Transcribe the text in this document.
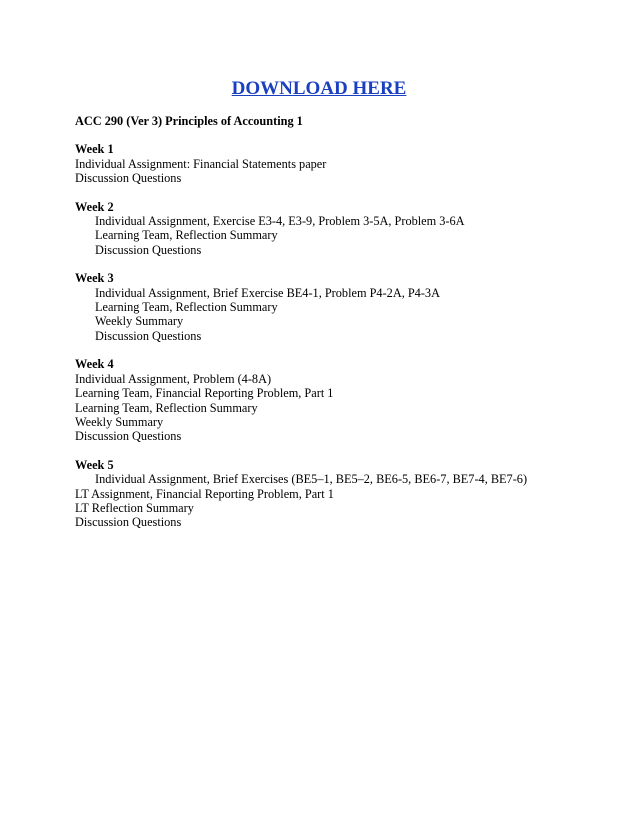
DOWNLOAD HERE
ACC 290 (Ver 3) Principles of Accounting 1
Week 1
Individual Assignment: Financial Statements paper
Discussion Questions
Week 2
Individual Assignment, Exercise E3-4, E3-9, Problem 3-5A, Problem 3-6A
Learning Team, Reflection Summary
Discussion Questions
Week 3
Individual Assignment, Brief Exercise BE4-1, Problem P4-2A, P4-3A
Learning Team, Reflection Summary
Weekly Summary
Discussion Questions
Week 4
Individual Assignment, Problem (4-8A)
Learning Team, Financial Reporting Problem, Part 1
Learning Team, Reflection Summary
Weekly Summary
Discussion Questions
Week 5
Individual Assignment, Brief Exercises (BE5–1, BE5–2, BE6-5, BE6-7, BE7-4, BE7-6)
LT Assignment, Financial Reporting Problem, Part 1
LT Reflection Summary
Discussion Questions
